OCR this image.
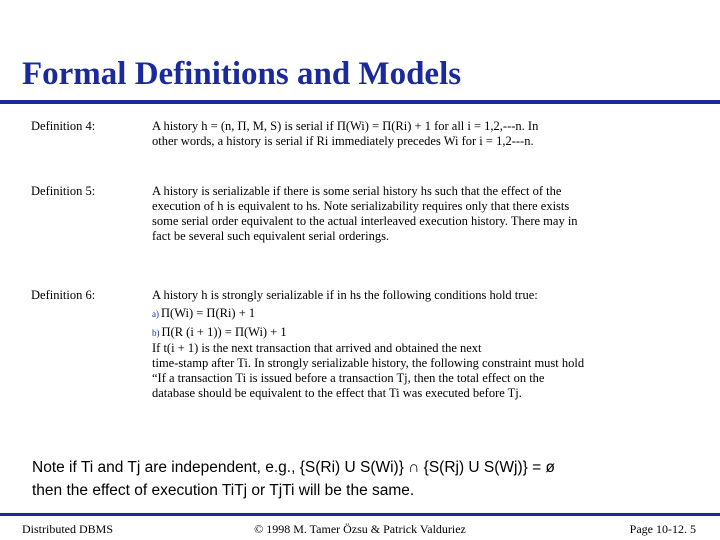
Formal Definitions and Models
Definition 4:	A history h = (n, Π, M, S) is serial if Π(Wi) = Π(Ri) + 1 for all i = 1,2,---n. In

other words, a history is serial if Ri immediately precedes Wi for i = 1,2---n.

Definition 5:	A history is serializable if there is some serial history hs such that the effect of the

execution of h is equivalent to hs. Note serializability requires only that there exists

some serial order equivalent to the actual interleaved execution history. There may in

fact be several such equivalent serial orderings.

Definition 6:	A history h is strongly serializable if in hs the following conditions hold true:

a) Π(Wi) = Π(Ri) + 1
b) Π(R (i + 1)) = Π(Wi) + 1

If t(i + 1) is the next transaction that arrived and obtained the next

time-stamp after Ti. In strongly serializable history, the following constraint must hold

“If a transaction Ti is issued before a transaction Tj, then the total effect on the

database should be equivalent to the effect that Ti was executed before Tj.

Note if Ti and Tj are independent, e.g., {S(Ri) U S(Wi)} ∩ {S(Rj) U S(Wj)} = ø
then the effect of execution TiTj or TjTi will be the same.
© 1998 M. Tamer Özsu & Patrick Valduriez
Distributed DBMS	Page 10-12. 5
